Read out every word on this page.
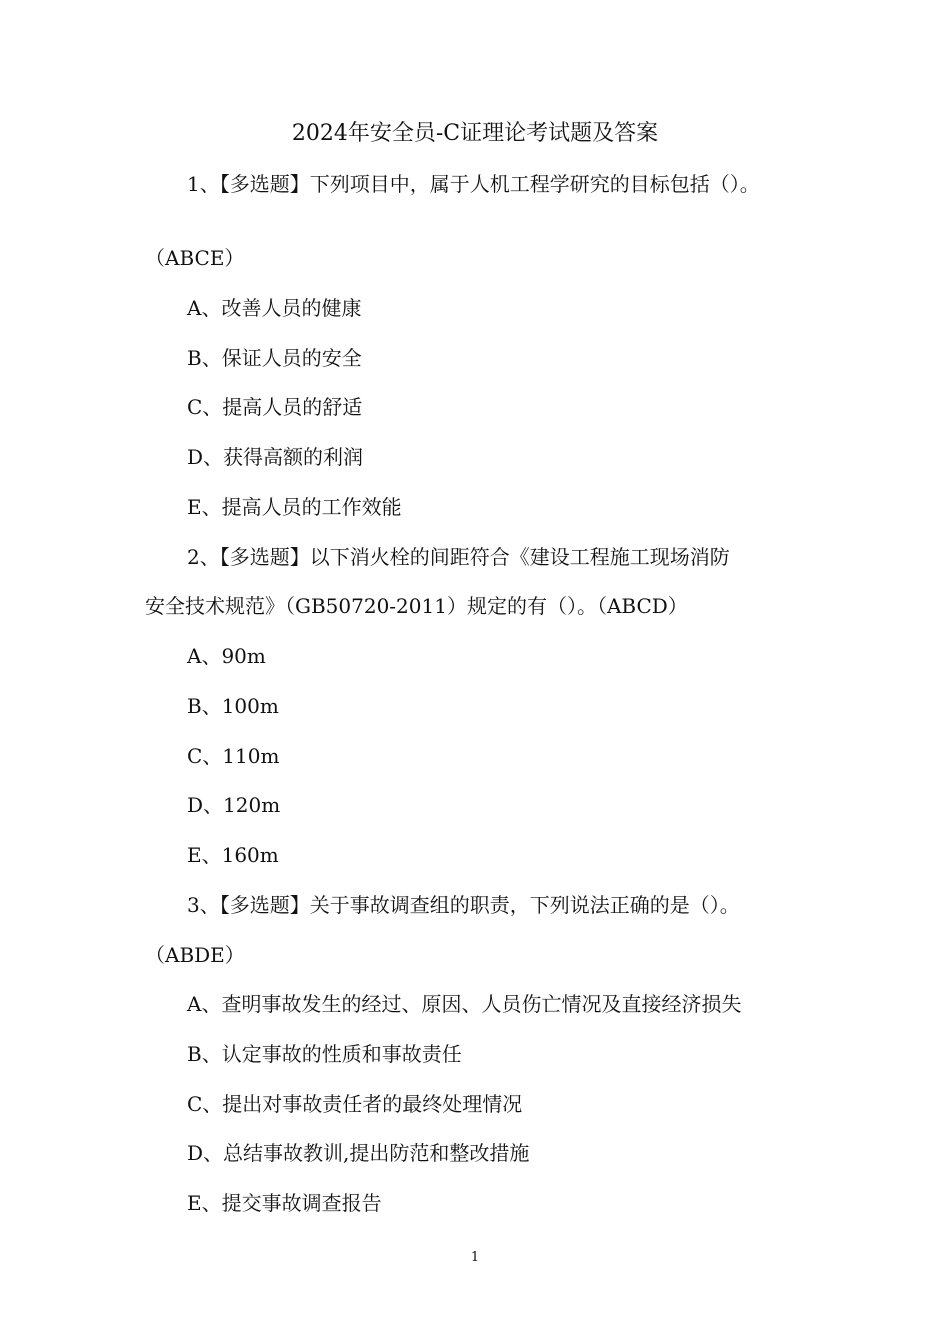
2024年安全员-C证理论考试题及答案
1、【多选题】下列项目中，属于人机工程学研究的目标包括（）。
（ABCE）
A、改善人员的健康
B、保证人员的安全
C、提高人员的舒适
D、获得高额的利润
E、提高人员的工作效能
2、【多选题】以下消火栓的间距符合《建设工程施工现场消防
安全技术规范》（GB50720-2011）规定的有（）。（ABCD）
A、90m
B、100m
C、110m
D、120m
E、160m
3、【多选题】关于事故调查组的职责，下列说法正确的是（）。
（ABDE）
A、查明事故发生的经过、原因、人员伤亡情况及直接经济损失
B、认定事故的性质和事故责任
C、提出对事故责任者的最终处理情况
D、总结事故教训,提出防范和整改措施
E、提交事故调查报告
1
